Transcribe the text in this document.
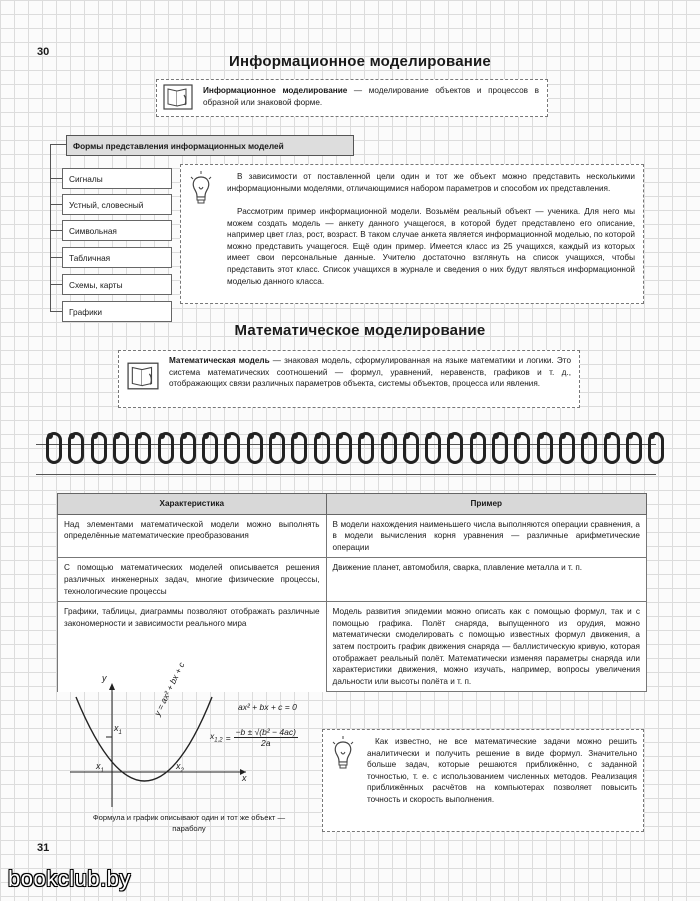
30
Информационное моделирование
Информационное моделирование — моделирование объектов и процессов в образной или знаковой форме.
Формы представления информационных моделей
Сигналы
Устный, словесный
Символьная
Табличная
Схемы, карты
Графики
В зависимости от поставленной цели один и тот же объект можно представить несколькими информационными моделями, отличающимися набором параметров и способом их представления.
Рассмотрим пример информационной модели. Возьмём реальный объект — ученика. Для него мы можем создать модель — анкету данного учащегося, в которой будет представлено его описание, например цвет глаз, рост, возраст. В таком случае анкета является информационной моделью, по которой можно представить учащегося. Ещё один пример. Имеется класс из 25 учащихся, каждый из которых имеет свои персональные данные. Учителю достаточно взглянуть на список учащихся, чтобы представить этот класс. Список учащихся в журнале и сведения о них будут являться информационной моделью данного класса.
Математическое моделирование
Математическая модель — знаковая модель, сформулированная на языке математики и логики. Это система математических соотношений — формул, уравнений, неравенств, графиков и т. д., отображающих связи различных параметров объекта, системы объектов, процесса или явления.
Характеристика	Пример
Над элементами математической модели можно выполнять определённые математические преобразования	В модели нахождения наименьшего числа выполняются операции сравнения, а в модели вычисления корня уравнения — различные арифметические операции
С помощью математических моделей описывается решения различных инженерных задач, многие физические процессы, технологические процессы	Движение планет, автомобиля, сварка, плавление металла и т. п.
Графики, таблицы, диаграммы позволяют отображать различные закономерности и зависимости реального мира	Модель развития эпидемии можно описать как с помощью формул, так и с помощью графика. Полёт снаряда, выпущенного из орудия, можно математически смоделировать с помощью известных формул движения, а затем построить график движения снаряда — баллистическую кривую, которая отображает реальный полёт. Математически изменяя параметры снаряда или характеристики движения, можно изучать, например, вопросы увеличения дальности или высоты полёта и т. п.
y
x
$x_1$	$x_2$
$x_1$
y = ax² + bx + c	ax² + bx + c = 0
$x_{1,2} = \frac{\text{−b ± √(b² − 4ac)}}{2a}$
Формула и график описывают один и тот же объект — параболу
Как известно, не все математические задачи можно решить аналитически и получить решение в виде формул. Значительно больше задач, которые решаются приближённо, с заданной точностью, т. е. с использованием численных методов. Реализация приближённых расчётов на компьютерах позволяет повысить точность и скорость выполнения.
31
bookclub.by
